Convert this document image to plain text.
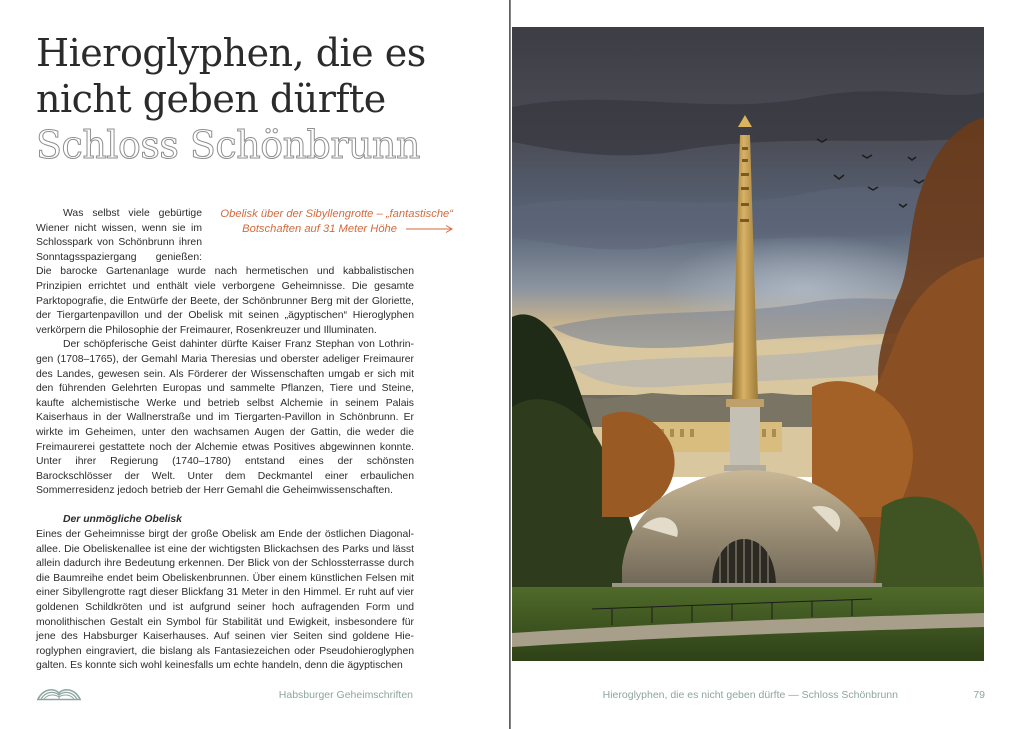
Hieroglyphen, die es
nicht geben dürfte
Schloss Schönbrunn
Obelisk über der Sibyllengrotte – „fantastische“
Botschaften auf 31 Meter Höhe

Was selbst viele gebürtige Wiener nicht wissen, wenn sie im Schlosspark von Schönbrunn ihren Sonntagsspaziergang genießen: Die barocke Gartenanlage wurde nach hermetischen und kabbalistischen Prinzipien errichtet und enthält viele verborgene Geheimnisse. Die gesamte Parktopografie, die Entwürfe der Beete, der Schönbrunner Berg mit der Gloriette, der Tiergartenpavillon und der Obelisk mit seinen „ägyptischen“ Hieroglyphen verkörpern die Philosophie der Freimaurer, Rosenkreuzer und Illuminaten.

Der schöpferische Geist dahinter dürfte Kaiser Franz Stephan von Lothringen (1708–1765), der Gemahl Maria Theresias und oberster adeliger Freimaurer des Landes, gewesen sein. Als Förderer der Wissenschaften umgab er sich mit den führenden Gelehrten Europas und sammelte Pflanzen, Tiere und Steine, kaufte alchemistische Werke und betrieb selbst Alchemie in seinem Palais Kaiserhaus in der Wallnerstraße und im Tiergarten-Pavillon in Schönbrunn. Er wirkte im Geheimen, unter den wachsamen Augen der Gattin, die weder die Freimaurerei gestattete noch der Alchemie etwas Positives abgewinnen konnte. Unter ihrer Regierung (1740–1780) entstand eines der schönsten Barockschlösser der Welt. Unter dem Deckmantel einer erbaulichen Sommerresidenz jedoch betrieb der Herr Gemahl die Geheimwissenschaften.

Der unmögliche Obelisk

Eines der Geheimnisse birgt der große Obelisk am Ende der östlichen Diagonalallee. Die Obeliskenallee ist eine der wichtigsten Blickachsen des Parks und lässt allein dadurch ihre Bedeutung erkennen. Der Blick von der Schlossterrasse durch die Baumreihe endet beim Obeliskenbrunnen. Über einem künstlichen Felsen mit einer Sibyllengrotte ragt dieser Blickfang 31 Meter in den Himmel. Er ruht auf vier goldenen Schildkröten und ist aufgrund seiner hoch aufragenden Form und monolithischen Gestalt ein Symbol für Stabilität und Ewigkeit, insbesondere für jene des Habsburger Kaiserhauses. Auf seinen vier Seiten sind goldene Hieroglyphen eingraviert, die bislang als Fantasiezeichen oder Pseudohieroglyphen galten. Es konnte sich wohl keinesfalls um echte handeln, denn die ägyptischen

Habsburger Geheimschriften	Hieroglyphen, die es nicht geben dürfte — Schloss Schönbrunn	79
